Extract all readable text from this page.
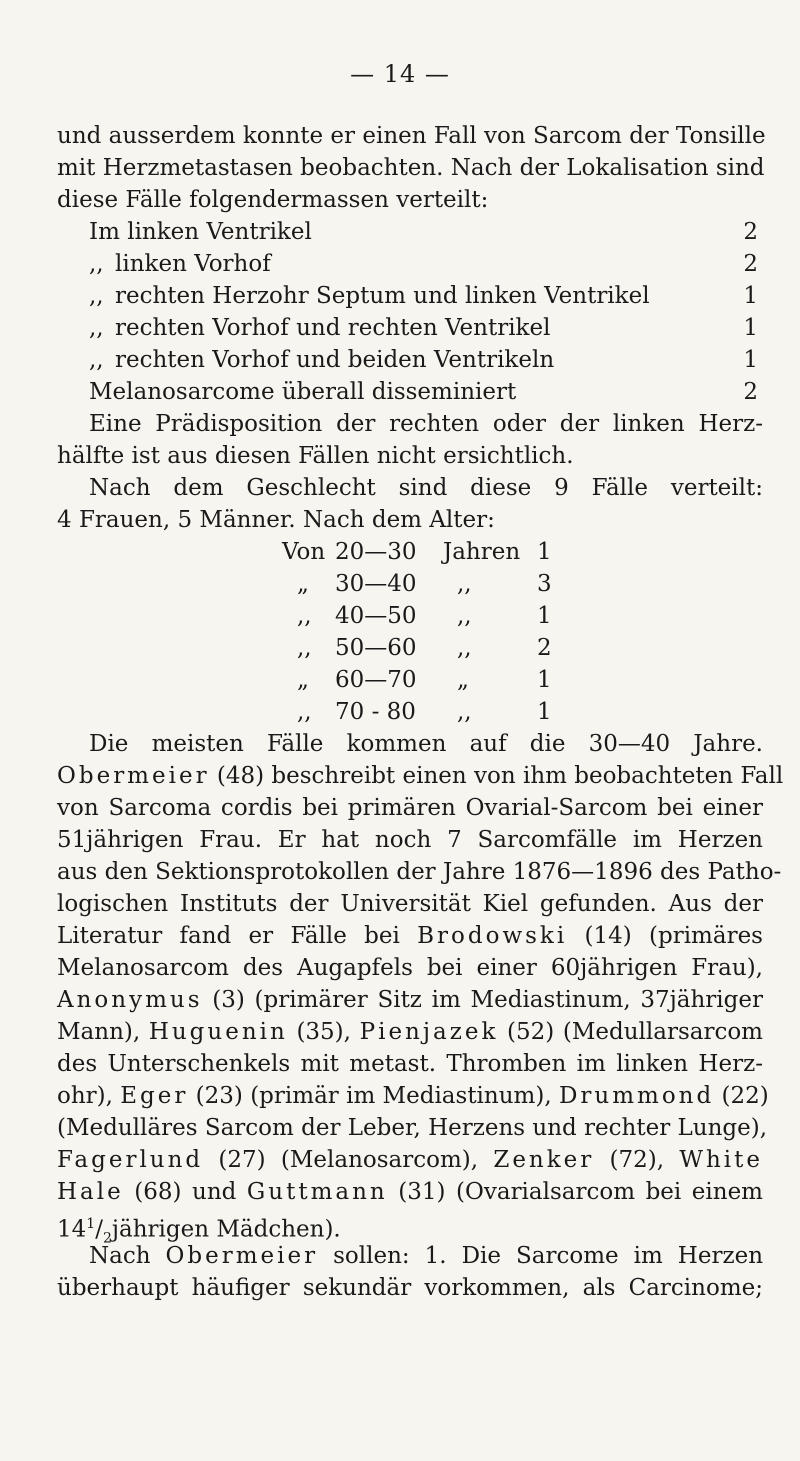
— 14 —
und ausserdem konnte er einen Fall von Sarcom der Tonsille
mit Herzmetastasen beobachten. Nach der Lokalisation sind
diese Fälle folgendermassen verteilt:
Im linken Ventrikel	2
,, linken Vorhof	2
,, rechten Herzohr Septum und linken Ventrikel	1
,, rechten Vorhof und rechten Ventrikel	1
,, rechten Vorhof und beiden Ventrikeln	1
Melanosarcome überall disseminiert	2
Eine Prädisposition der rechten oder der linken Herz-
hälfte ist aus diesen Fällen nicht ersichtlich.
Nach dem Geschlecht sind diese 9 Fälle verteilt:
4 Frauen, 5 Männer. Nach dem Alter:
Von 20—30 Jahren 1
„ 30—40 ,,	3
,, 40—50 ,,	1
,, 50—60 ,,	2
„ 60—70 „	1
,, 70 - 80 ,,	1
Die meisten Fälle kommen auf die 30—40 Jahre.
Obermeier (48) beschreibt einen von ihm beobachteten Fall
von Sarcoma cordis bei primären Ovarial-Sarcom bei einer
51jährigen Frau. Er hat noch 7 Sarcomfälle im Herzen
aus den Sektionsprotokollen der Jahre 1876—1896 des Patho-
logischen Instituts der Universität Kiel gefunden. Aus der
Literatur fand er Fälle bei Brodowski (14) (primäres
Melanosarcom des Augapfels bei einer 60jährigen Frau),
Anonymus (3) (primärer Sitz im Mediastinum, 37jähriger
Mann), Huguenin (35), Pienjazek (52) (Medullarsarcom
des Unterschenkels mit metast. Thromben im linken Herz-
ohr), Eger (23) (primär im Mediastinum), Drummond (22)
(Medulläres Sarcom der Leber, Herzens und rechter Lunge),
Fagerlund (27) (Melanosarcom), Zenker (72), White
Hale (68) und Guttmann (31) (Ovarialsarcom bei einem
$14^1/_2jährigen$ Mädchen).
Nach Obermeier sollen: 1. Die Sarcome im Herzen
überhaupt häufiger sekundär vorkommen, als Carcinome;
